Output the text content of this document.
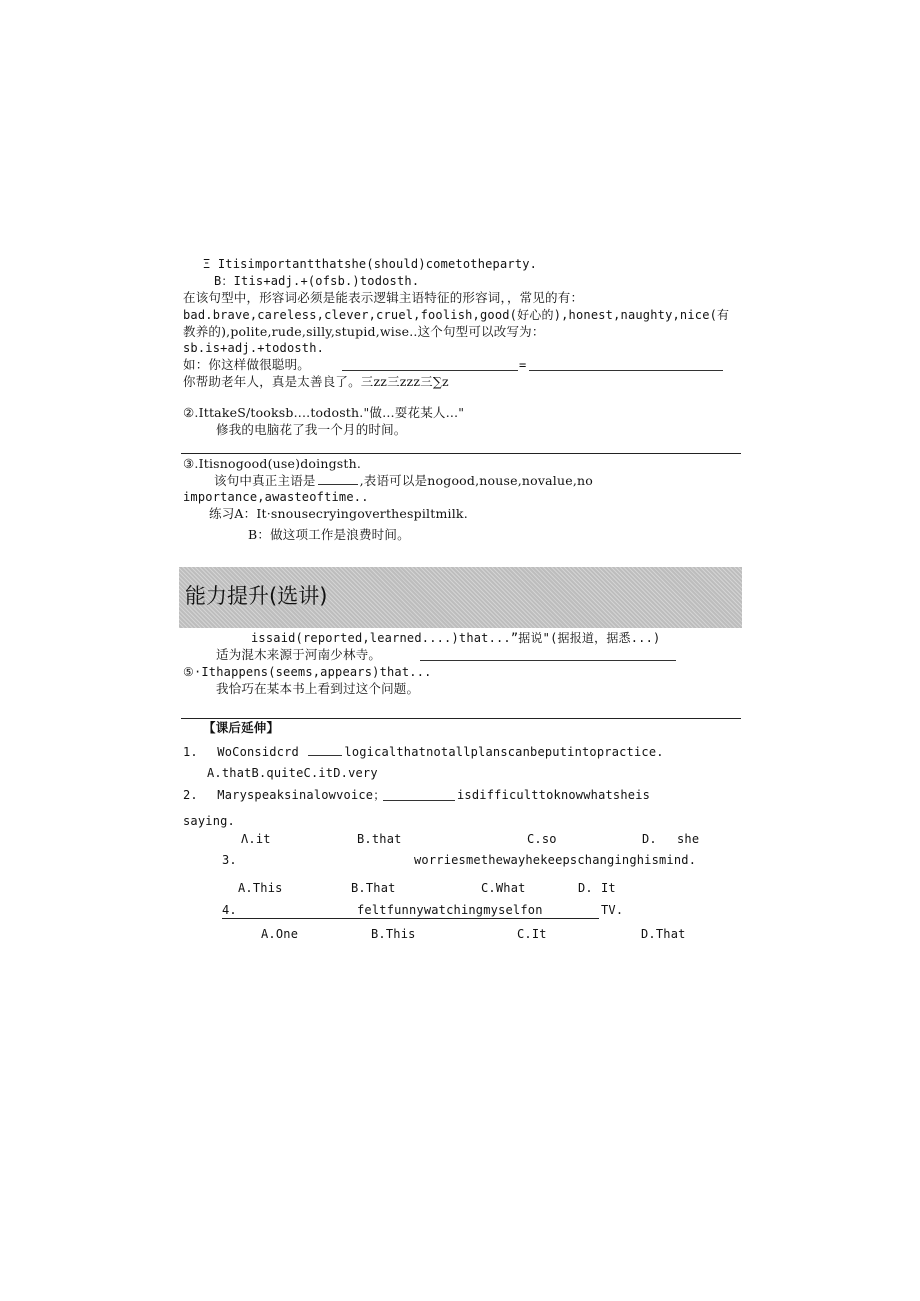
Ξ Itisimportantthatshe(should)cometotheparty.
B：Itis+adj.+(ofsb.)todosth.
在该句型中，形容词必须是能表示逻辑主语特征的形容词，，常见的有：
bad.brave,careless,clever,cruel,foolish,good(好心的),honest,naughty,nice(有
教养的),polite,rude,silly,stupid,wise..这个句型可以改写为：
sb.is+adj.+todosth.
如：你这样做很聪明。	=
你帮助老年人，真是太善良了。三zz三zzz三∑z
②.IttakeS/tooksb....todosth."做…耍花某人…"
修我的电脑花了我一个月的时间。
③.Itisnogood(use)doingsth.
该句中真正主语是	,表语可以是nogood,nouse,novalue,no
importance,awasteoftime..
练习A：It·snousecryingoverthespiltmilk.
B：做这项工作是浪费时间。
能力提升(选讲)
issaid(reported,learned....)that...”据说"(据报道，据悉...)
适为混木来源于河南少林寺。
⑤·Ithappens(seems,appears)that...
我恰巧在某本书上看到过这个问题。
【课后延伸】
1. WoConsidcrd	logicalthatnotallplanscanbeputintopractice.
A.thatB.quiteC.itD.very
2. Maryspeaksinalowvoice；	isdifficulttoknowwhatsheis
saying.
Λ.it	B.that	C.so	D. she
3.	worriesmethewayhekeepschanginghismind.
A.This	B.That	C.What	D. It
4.	feltfunnywatchingmyselfon	TV.
A.One	B.This	C.It	D.That
